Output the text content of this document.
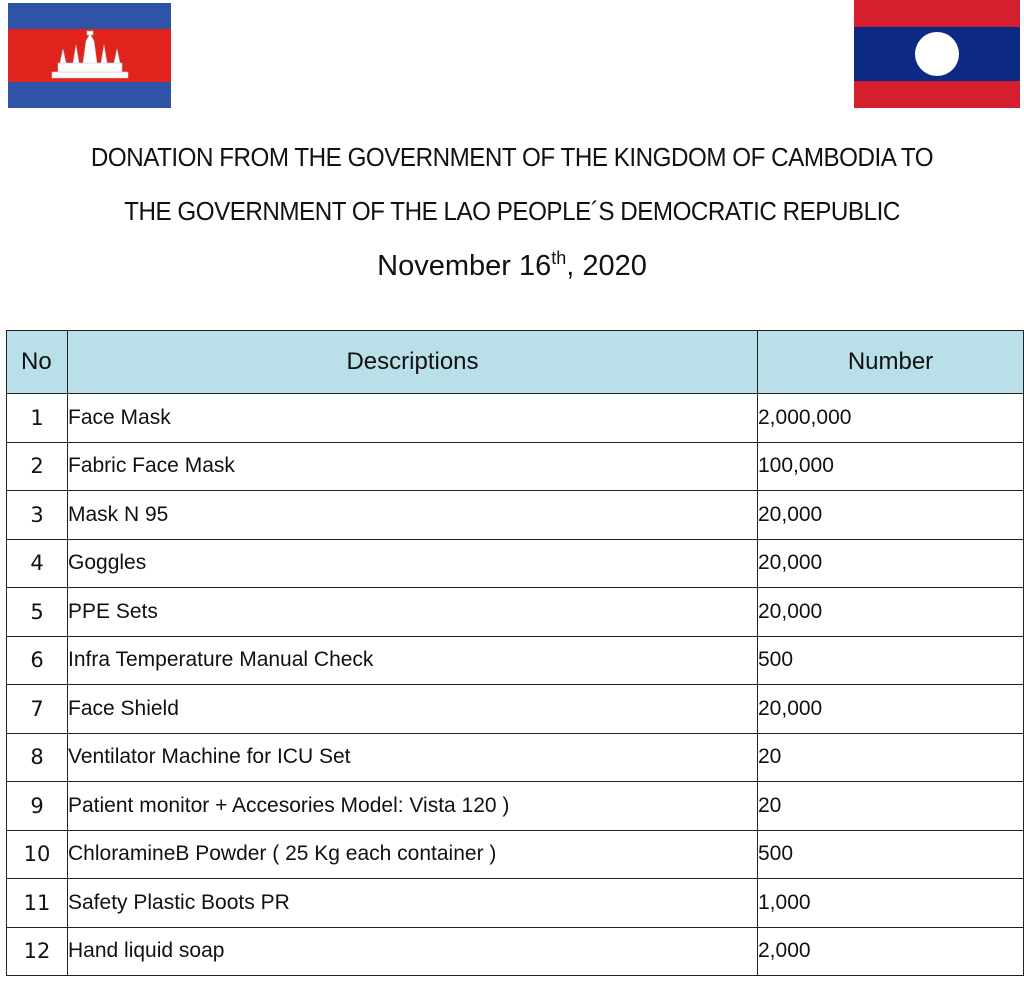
DONATION FROM THE GOVERNMENT OF THE KINGDOM OF CAMBODIA TO
THE GOVERNMENT OF THE LAO PEOPLE´S DEMOCRATIC REPUBLIC
November 16th, 2020
No	Descriptions	Number
1	Face Mask	2,000,000
2	Fabric Face Mask	100,000
3	Mask N 95	20,000
4	Goggles	20,000
5	PPE Sets	20,000
6	Infra Temperature Manual Check	500
7	Face Shield	20,000
8	Ventilator Machine for ICU Set	20
9	Patient monitor + Accesories Model: Vista 120 )	20
10	ChloramineB Powder ( 25 Kg each container )	500
11	Safety Plastic Boots PR	1,000
12	Hand liquid soap	2,000
